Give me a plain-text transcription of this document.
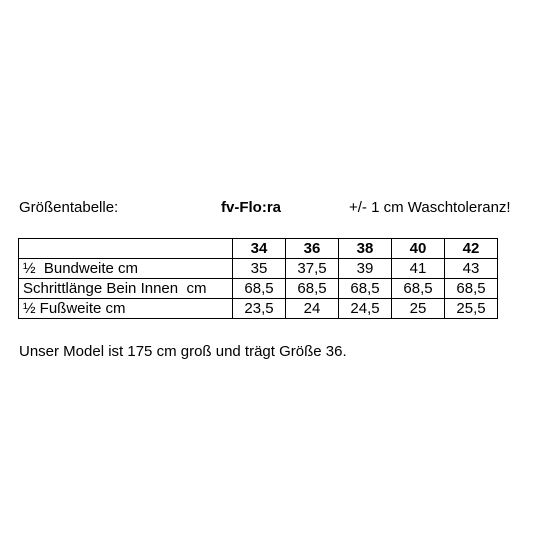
Größentabelle:	fv-Flo:ra	+/- 1 cm Waschtoleranz!
	34	36	38	40	42
½  Bundweite cm	35	37,5	39	41	43
Schrittlänge Bein Innen  cm	68,5	68,5	68,5	68,5	68,5
½ Fußweite cm	23,5	24	24,5	25	25,5
Unser Model ist 175 cm groß und trägt Größe 36.
